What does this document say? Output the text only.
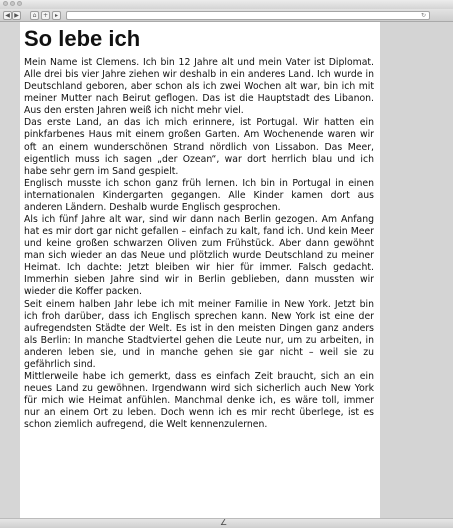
◀ ▶	⌂	+	▸	↻
So lebe ich

Mein Name ist Clemens. Ich bin 12 Jahre alt und mein Vater ist Diplomat. Alle drei bis vier Jahre ziehen wir deshalb in ein anderes Land. Ich wurde in Deutschland geboren, aber schon als ich zwei Wochen alt war, bin ich mit meiner Mutter nach Beirut geflogen. Das ist die Hauptstadt des Libanon. Aus den ersten Jahren weiß ich nicht mehr viel.

Das erste Land, an das ich mich erinnere, ist Portugal. Wir hatten ein pinkfarbenes Haus mit einem großen Garten. Am Wochenende waren wir oft an einem wunderschönen Strand nördlich von Lissabon. Das Meer, eigentlich muss ich sagen „der Ozean“, war dort herrlich blau und ich habe sehr gern im Sand gespielt.

Englisch musste ich schon ganz früh lernen. Ich bin in Portugal in einen internationalen Kindergarten gegangen. Alle Kinder kamen dort aus anderen Ländern. Deshalb wurde Englisch gesprochen.

Als ich fünf Jahre alt war, sind wir dann nach Berlin gezogen. Am Anfang hat es mir dort gar nicht gefallen – einfach zu kalt, fand ich. Und kein Meer und keine großen schwarzen Oliven zum Frühstück. Aber dann gewöhnt man sich wieder an das Neue und plötzlich wurde Deutschland zu meiner Heimat. Ich dachte: Jetzt bleiben wir hier für immer. Falsch gedacht. Immerhin sieben Jahre sind wir in Berlin geblieben, dann mussten wir wieder die Koffer packen.

Seit einem halben Jahr lebe ich mit meiner Familie in New York. Jetzt bin ich froh darüber, dass ich Englisch sprechen kann. New York ist eine der aufregendsten Städte der Welt. Es ist in den meisten Dingen ganz anders als Berlin: In manche Stadtviertel gehen die Leute nur, um zu arbeiten, in anderen leben sie, und in manche gehen sie gar nicht – weil sie zu gefährlich sind.

Mittlerweile habe ich gemerkt, dass es einfach Zeit braucht, sich an ein neues Land zu gewöhnen. Irgendwann wird sich sicherlich auch New York für mich wie Heimat anfühlen. Manchmal denke ich, es wäre toll, immer nur an einem Ort zu leben. Doch wenn ich es mir recht überlege, ist es schon ziemlich aufregend, die Welt kennenzulernen.

∠
